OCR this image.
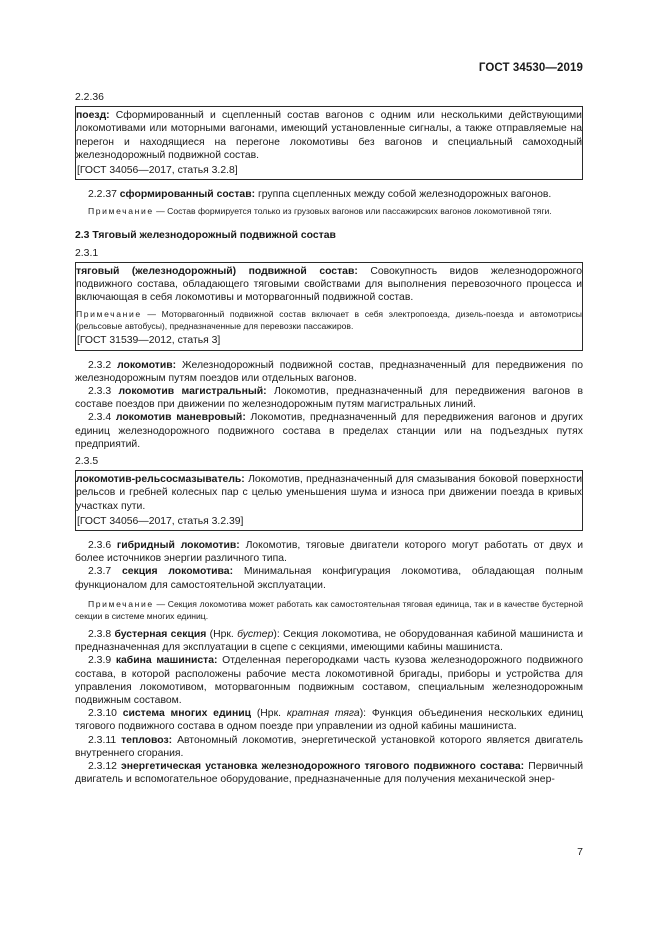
ГОСТ 34530—2019
2.2.36

поезд: Сформированный и сцепленный состав вагонов с одним или несколькими действующими локомотивами или моторными вагонами, имеющий установленные сигналы, а также отправляемые на перегон и находящиеся на перегоне локомотивы без вагонов и специальный самоходный железнодорожный подвижной состав.

[ГОСТ 34056—2017, статья 3.2.8]

2.2.37 сформированный состав: группа сцепленных между собой железнодорожных вагонов.

Примечание — Состав формируется только из грузовых вагонов или пассажирских вагонов локомотивной тяги.
2.3 Тяговый железнодорожный подвижной состав
2.3.1

тяговый (железнодорожный) подвижной состав: Совокупность видов железнодорожного подвижного состава, обладающего тяговыми свойствами для выполнения перевозочного процесса и включающая в себя локомотивы и моторвагонный подвижной состав.

Примечание — Моторвагонный подвижной состав включает в себя электропоезда, дизель-поезда и автомотрисы (рельсовые автобусы), предназначенные для перевозки пассажиров.
[ГОСТ 31539—2012, статья 3]

2.3.2 локомотив: Железнодорожный подвижной состав, предназначенный для передвижения по железнодорожным путям поездов или отдельных вагонов.

2.3.3 локомотив магистральный: Локомотив, предназначенный для передвижения вагонов в составе поездов при движении по железнодорожным путям магистральных линий.

2.3.4 локомотив маневровый: Локомотив, предназначенный для передвижения вагонов и других единиц железнодорожного подвижного состава в пределах станции или на подъездных путях предприятий.

2.3.5

локомотив-рельсосмазыватель: Локомотив, предназначенный для смазывания боковой поверхности рельсов и гребней колесных пар с целью уменьшения шума и износа при движении поезда в кривых участках пути.

[ГОСТ 34056—2017, статья 3.2.39]

2.3.6 гибридный локомотив: Локомотив, тяговые двигатели которого могут работать от двух и более источников энергии различного типа.

2.3.7 секция локомотива: Минимальная конфигурация локомотива, обладающая полным функционалом для самостоятельной эксплуатации.

Примечание — Секция локомотива может работать как самостоятельная тяговая единица, так и в качестве бустерной секции в системе многих единиц.

2.3.8 бустерная секция (Нрк. бустер): Секция локомотива, не оборудованная кабиной машиниста и предназначенная для эксплуатации в сцепе с секциями, имеющими кабины машиниста.

2.3.9 кабина машиниста: Отделенная перегородками часть кузова железнодорожного подвижного состава, в которой расположены рабочие места локомотивной бригады, приборы и устройства для управления локомотивом, моторвагонным подвижным составом, специальным железнодорожным подвижным составом.

2.3.10 система многих единиц (Нрк. кратная тяга): Функция объединения нескольких единиц тягового подвижного состава в одном поезде при управлении из одной кабины машиниста.

2.3.11 тепловоз: Автономный локомотив, энергетической установкой которого является двигатель внутреннего сгорания.

2.3.12 энергетическая установка железнодорожного тягового подвижного состава: Первичный двигатель и вспомогательное оборудование, предназначенные для получения механической энер-

7
